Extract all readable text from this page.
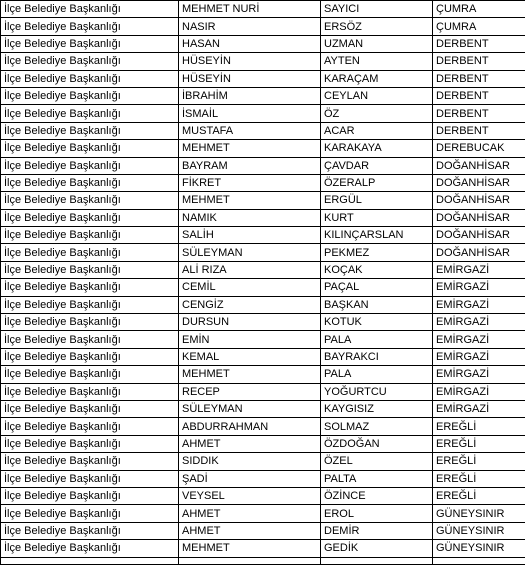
İlçe Belediye Başkanlığı	MEHMET NURİ	SAYICI	ÇUMRA
İlçe Belediye Başkanlığı	NASIR	ERSÖZ	ÇUMRA
İlçe Belediye Başkanlığı	HASAN	UZMAN	DERBENT
İlçe Belediye Başkanlığı	HÜSEYİN	AYTEN	DERBENT
İlçe Belediye Başkanlığı	HÜSEYİN	KARAÇAM	DERBENT
İlçe Belediye Başkanlığı	İBRAHİM	CEYLAN	DERBENT
İlçe Belediye Başkanlığı	İSMAİL	ÖZ	DERBENT
İlçe Belediye Başkanlığı	MUSTAFA	ACAR	DERBENT
İlçe Belediye Başkanlığı	MEHMET	KARAKAYA	DEREBUCAK
İlçe Belediye Başkanlığı	BAYRAM	ÇAVDAR	DOĞANHİSAR
İlçe Belediye Başkanlığı	FİKRET	ÖZERALP	DOĞANHİSAR
İlçe Belediye Başkanlığı	MEHMET	ERGÜL	DOĞANHİSAR
İlçe Belediye Başkanlığı	NAMIK	KURT	DOĞANHİSAR
İlçe Belediye Başkanlığı	SALİH	KILINÇARSLAN	DOĞANHİSAR
İlçe Belediye Başkanlığı	SÜLEYMAN	PEKMEZ	DOĞANHİSAR
İlçe Belediye Başkanlığı	ALİ RIZA	KOÇAK	EMİRGAZİ
İlçe Belediye Başkanlığı	CEMİL	PAÇAL	EMİRGAZİ
İlçe Belediye Başkanlığı	CENGİZ	BAŞKAN	EMİRGAZİ
İlçe Belediye Başkanlığı	DURSUN	KOTUK	EMİRGAZİ
İlçe Belediye Başkanlığı	EMİN	PALA	EMİRGAZİ
İlçe Belediye Başkanlığı	KEMAL	BAYRAKCI	EMİRGAZİ
İlçe Belediye Başkanlığı	MEHMET	PALA	EMİRGAZİ
İlçe Belediye Başkanlığı	RECEP	YOĞURTCU	EMİRGAZİ
İlçe Belediye Başkanlığı	SÜLEYMAN	KAYGISIZ	EMİRGAZİ
İlçe Belediye Başkanlığı	ABDURRAHMAN	SOLMAZ	EREĞLİ
İlçe Belediye Başkanlığı	AHMET	ÖZDOĞAN	EREĞLİ
İlçe Belediye Başkanlığı	SIDDIK	ÖZEL	EREĞLİ
İlçe Belediye Başkanlığı	ŞADİ	PALTA	EREĞLİ
İlçe Belediye Başkanlığı	VEYSEL	ÖZİNCE	EREĞLİ
İlçe Belediye Başkanlığı	AHMET	EROL	GÜNEYSINIR
İlçe Belediye Başkanlığı	AHMET	DEMİR	GÜNEYSINIR
İlçe Belediye Başkanlığı	MEHMET	GEDİK	GÜNEYSINIR
